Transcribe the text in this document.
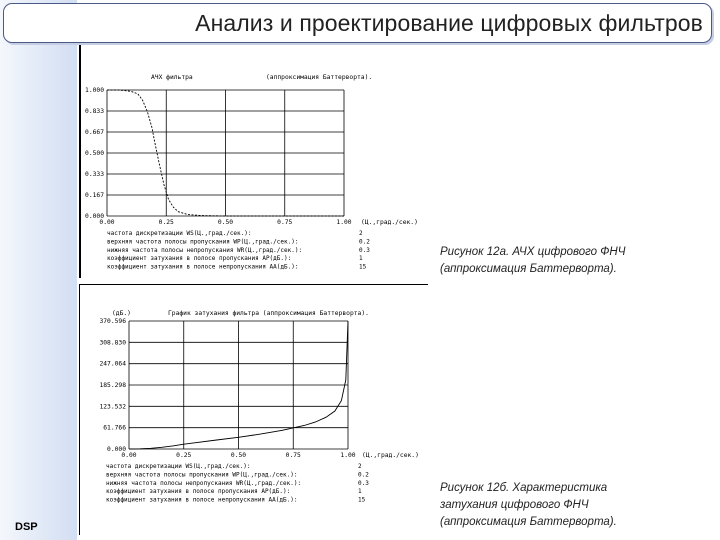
DSP
Анализ и проектирование цифровых фильтров
АЧХ фильтра	(аппроксимация Баттерворта).
0.000
0.167
0.333
0.500
0.667
0.833
1.000
0.00	0.25	0.50	0.75	1.00 (Ц.,град./сек.)
частота дискретизации WS(Ц.,град./сек.):	2
верхняя частота полосы пропускания WP(Ц.,град./сек.):	0.2
нижняя частота полосы непропускания WR(Ц.,град./сек.):	0.3
коэффициент затухания в полосе пропускания AP(дБ.):	1
коэффициент затухания в полосе непропускания AA(дБ.):	15
Рисунок 12а. АЧХ цифрового ФНЧ
(аппроксимация Баттерворта).
График затухания фильтра (аппроксимация Баттерворта).
(дБ.)
0.000
61.766
123.532
185.298
247.064
308.830
370.596
0.00	0.25	0.50	0.75	1.00 (Ц.,град./сек.)
частота дискретизации WS(Ц.,град./сек.):	2
верхняя частота полосы пропускания WP(Ц.,град./сек.):	0.2
нижняя частота полосы непропускания WR(Ц.,град./сек.):	0.3
коэффициент затухания в полосе пропускания AP(дБ.):	1
коэффициент затухания в полосе непропускания AA(дБ.):	15
Рисунок 12б. Характеристика
затухания цифрового ФНЧ
(аппроксимация Баттерворта).
